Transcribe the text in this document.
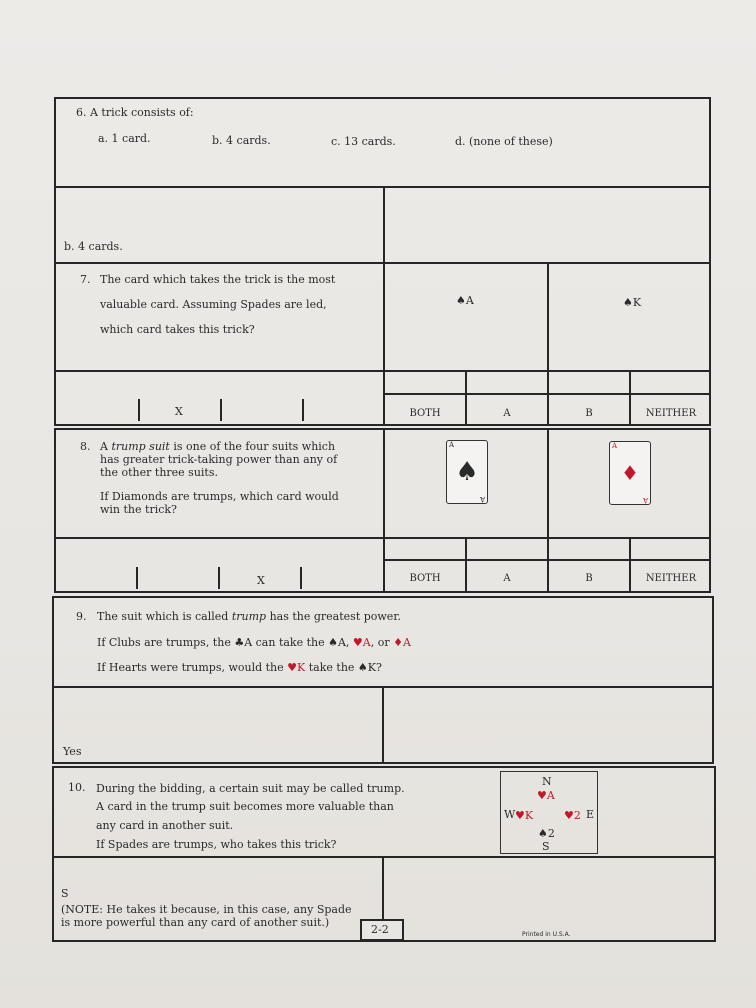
6. A trick consists of:
a. 1 card.	b. 4 cards.	c. 13 cards.	d. (none of these)
b. 4 cards.
7. The card which takes the trick is the most
valuable card. Assuming Spades are led,
which card takes this trick?
♠A	♠K
X	BOTH	A	B	NEITHER
8. A trump suit is one of the four suits which
has greater trick-taking power than any of
the other three suits.
If Diamonds are trumps, which card would
win the trick?
A
♠
A
A
♦
A
X	BOTH	A	B	NEITHER
9. The suit which is called trump has the greatest power.
If Clubs are trumps, the ♣A can take the ♠A, ♥A, or ♦A
If Hearts were trumps, would the ♥K take the ♠K?
Yes
10. During the bidding, a certain suit may be called trump.
A card in the trump suit becomes more valuable than
any card in another suit.
If Spades are trumps, who takes this trick?
N
♥A
W ♥K	♥2 E
♠2
S
S
(NOTE: He takes it because, in this case, any Spade
is more powerful than any card of another suit.)
2-2	Printed in U.S.A.
